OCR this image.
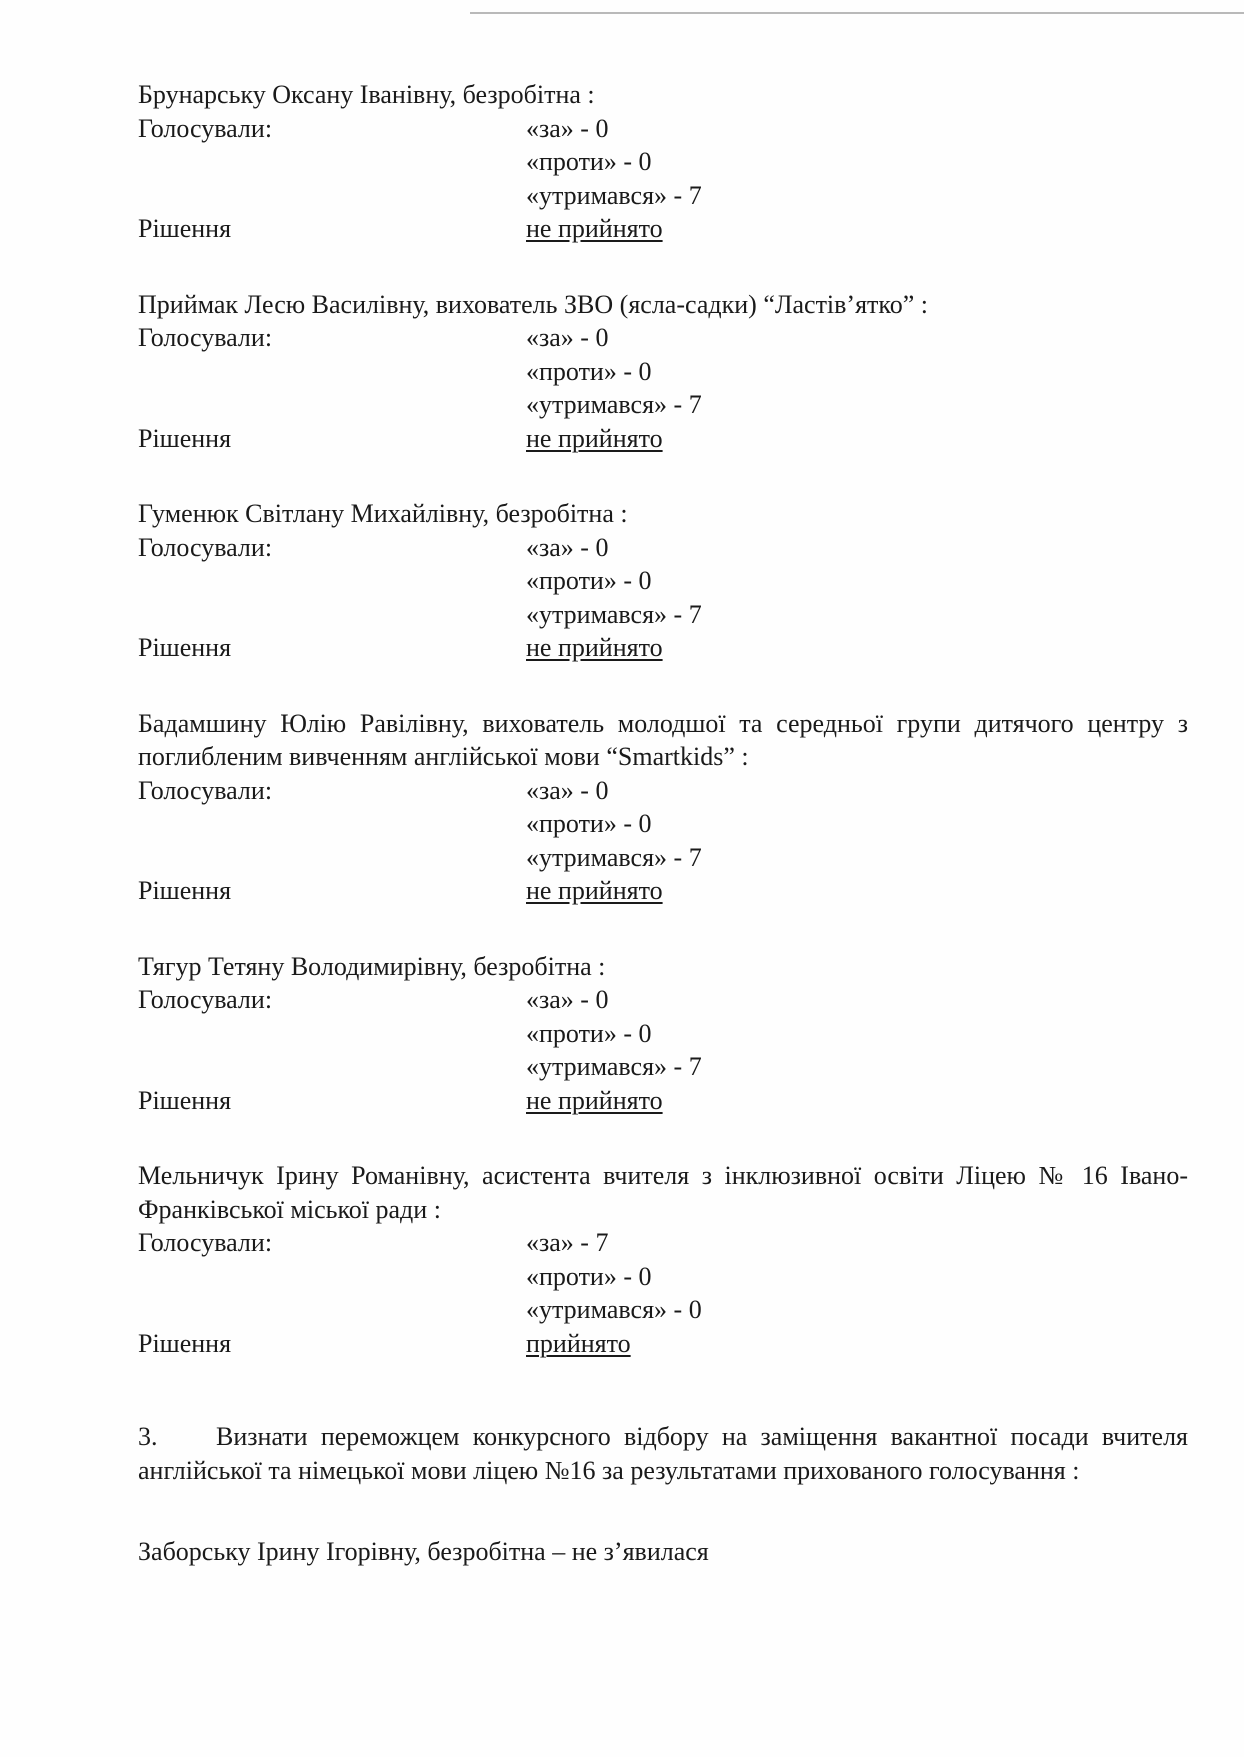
Брунарську Оксану Іванівну, безробітна :
Голосували:	«за» - 0
«проти» - 0
«утримався» - 7
Рішення	не прийнято
Приймак Лесю Василівну, вихователь ЗВО (ясла-садки) “Ластів’ятко” :
Голосували:	«за» - 0
«проти» - 0
«утримався» - 7
Рішення	не прийнято
Гуменюк Світлану Михайлівну, безробітна :
Голосували:	«за» - 0
«проти» - 0
«утримався» - 7
Рішення	не прийнято
Бадамшину Юлію Равілівну, вихователь молодшої та середньої групи дитячого центру з поглибленим вивченням англійської мови “Smartkids” :
Голосували:	«за» - 0
«проти» - 0
«утримався» - 7
Рішення	не прийнято
Тягур Тетяну Володимирівну, безробітна :
Голосували:	«за» - 0
«проти» - 0
«утримався» - 7
Рішення	не прийнято
Мельничук Ірину Романівну, асистента вчителя з інклюзивної освіти Ліцею № 16 Івано-Франківської міської ради :
Голосували:	«за» - 7
«проти» - 0
«утримався» - 0
Рішення	прийнято
3. Визнати переможцем конкурсного відбору на заміщення вакантної посади вчителя англійської та німецької мови ліцею №16 за результатами прихованого голосування :
Заборську Ірину Ігорівну, безробітна – не з’явилася
